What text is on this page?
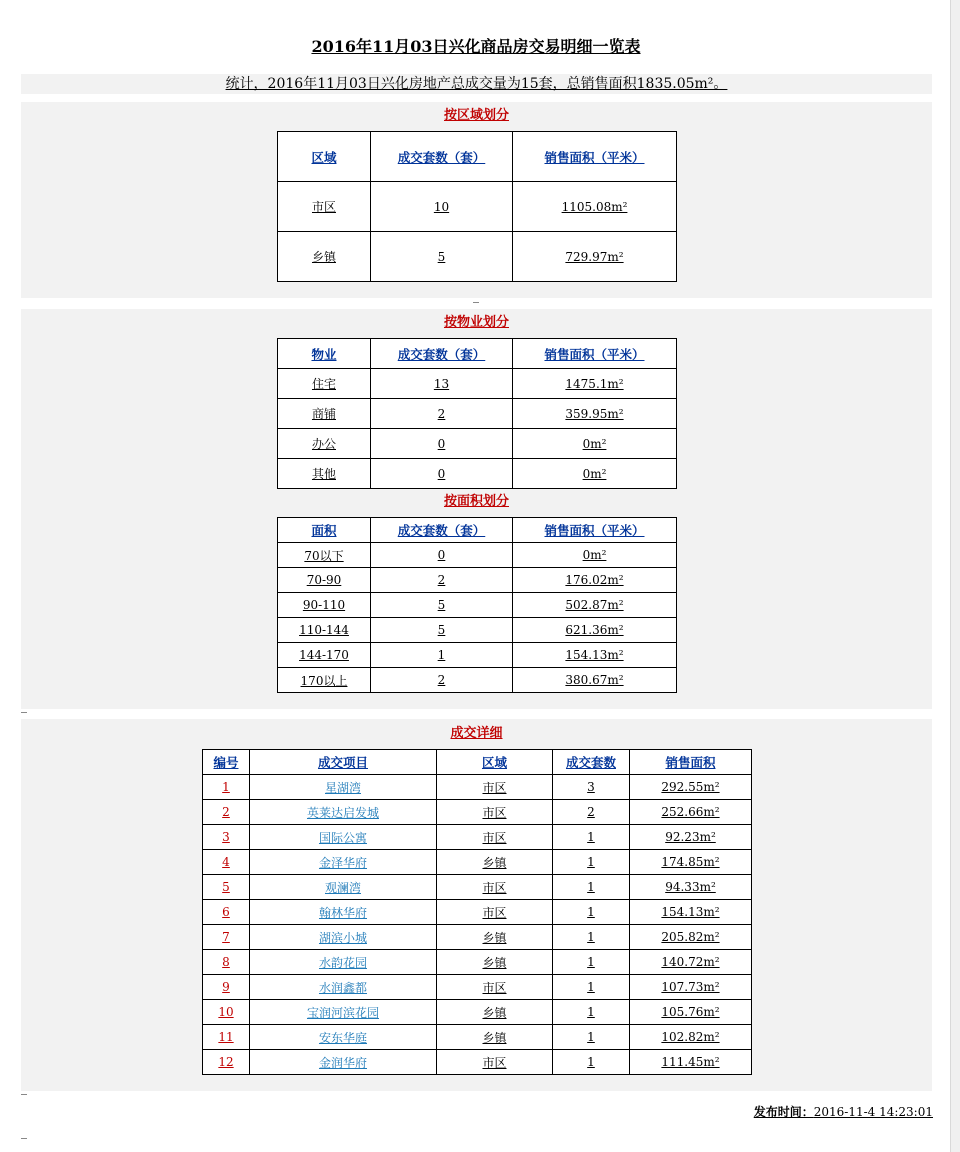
2016年11月03日兴化商品房交易明细一览表
统计，2016年11月03日兴化房地产总成交量为15套，总销售面积1835.05m²。
按区域划分
区域	成交套数（套）	销售面积（平米）
市区	10	1105.08m²
乡镇	5	729.97m²
_
按物业划分
物业	成交套数（套）	销售面积（平米）
住宅	13	1475.1m²
商铺	2	359.95m²
办公	0	0m²
其他	0	0m²
按面积划分
面积	成交套数（套）	销售面积（平米）
70以下	0	0m²
70-90	2	176.02m²
90-110	5	502.87m²
110-144	5	621.36m²
144-170	1	154.13m²
170以上	2	380.67m²
_
成交详细
编号	成交项目	区域	成交套数	销售面积
1	星湖湾	市区	3	292.55m²
2	英莱达启发城	市区	2	252.66m²
3	国际公寓	市区	1	92.23m²
4	金泽华府	乡镇	1	174.85m²
5	观澜湾	市区	1	94.33m²
6	翰林华府	市区	1	154.13m²
7	湖滨小城	乡镇	1	205.82m²
8	水韵花园	乡镇	1	140.72m²
9	水润鑫都	市区	1	107.73m²
10	宝润河滨花园	乡镇	1	105.76m²
11	安东华庭	乡镇	1	102.82m²
12	金润华府	市区	1	111.45m²
_
发布时间：2016-11-4 14:23:01
_
